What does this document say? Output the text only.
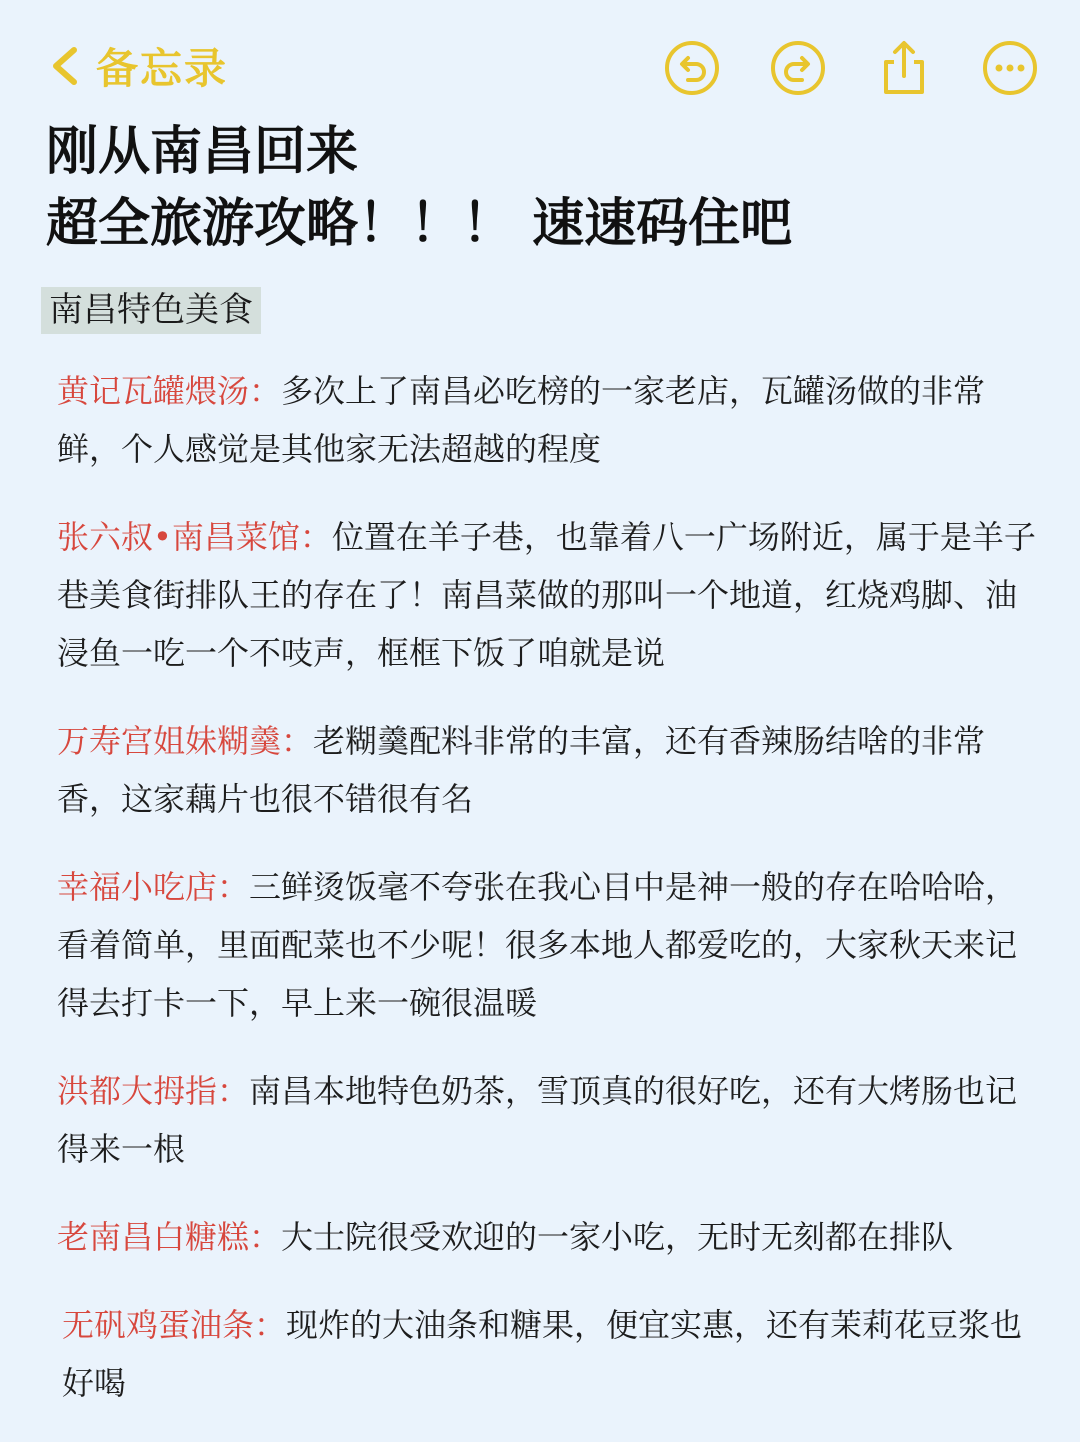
备忘录
刚从南昌回来
超全旅游攻略！！！ 速速码住吧
南昌特色美食

黄记瓦罐煨汤：多次上了南昌必吃榜的一家老店，瓦罐汤做的非常鲜，个人感觉是其他家无法超越的程度

张六叔•南昌菜馆：位置在羊子巷，也靠着八一广场附近，属于是羊子巷美食街排队王的存在了！南昌菜做的那叫一个地道，红烧鸡脚、油浸鱼一吃一个不吱声，框框下饭了咱就是说

万寿宫姐妹糊羹：老糊羹配料非常的丰富，还有香辣肠结啥的非常香，这家藕片也很不错很有名

幸福小吃店：三鲜烫饭毫不夸张在我心目中是神一般的存在哈哈哈，看着简单，里面配菜也不少呢！很多本地人都爱吃的，大家秋天来记得去打卡一下，早上来一碗很温暖

洪都大拇指：南昌本地特色奶茶，雪顶真的很好吃，还有大烤肠也记得来一根

老南昌白糖糕：大士院很受欢迎的一家小吃，无时无刻都在排队

无矾鸡蛋油条：现炸的大油条和糖果，便宜实惠，还有茉莉花豆浆也好喝
